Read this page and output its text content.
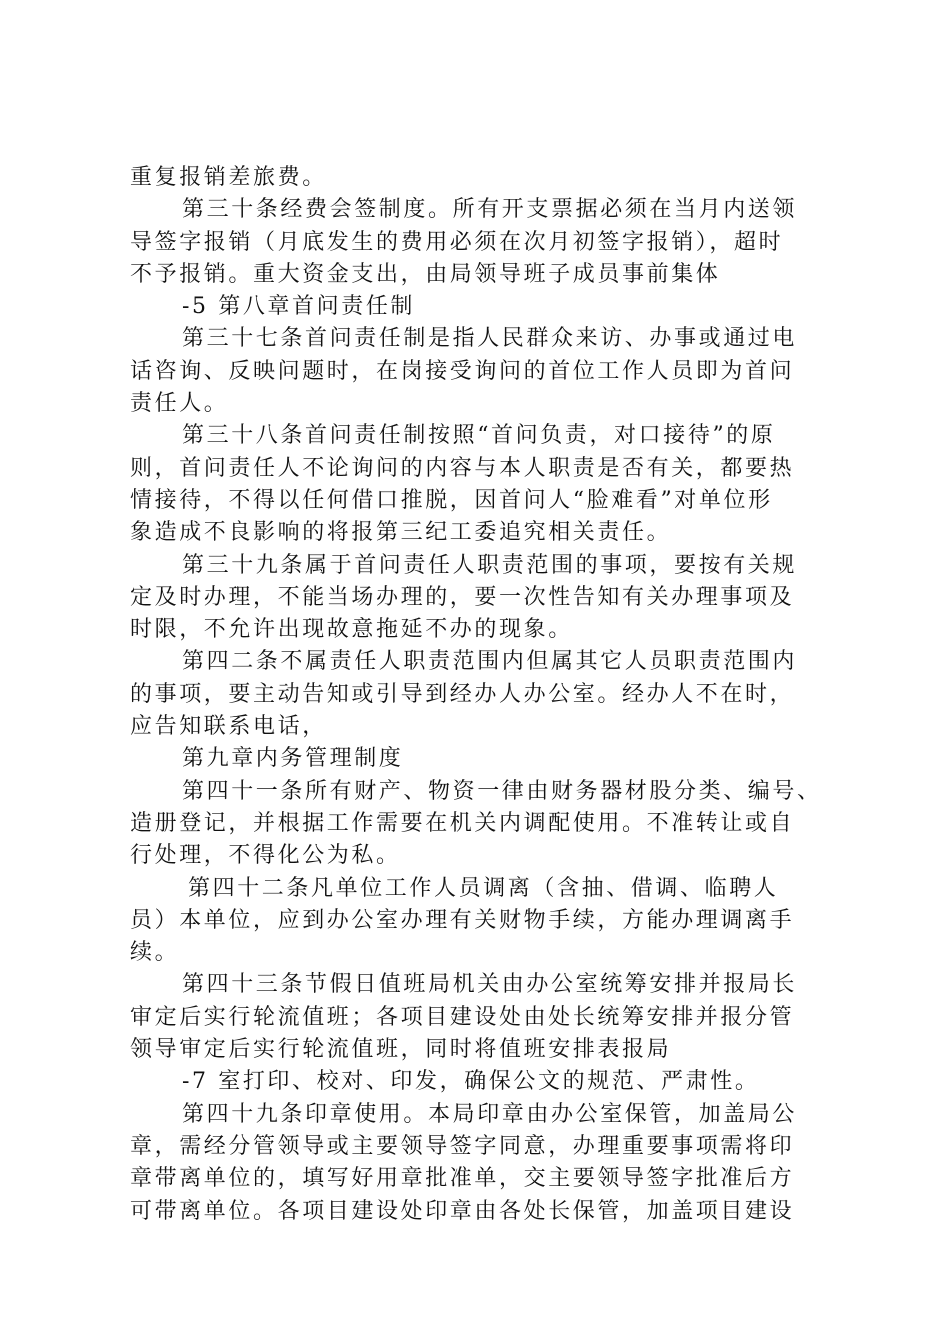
重复报销差旅费。
第三十条经费会签制度。所有开支票据必须在当月内送领
导签字报销（月底发生的费用必须在次月初签字报销），超时
不予报销。重大资金支出，由局领导班子成员事前集体
-5 第八章首问责任制
第三十七条首问责任制是指人民群众来访、办事或通过电
话咨询、反映问题时，在岗接受询问的首位工作人员即为首问
责任人。
第三十八条首问责任制按照“首问负责，对口接待”的原
则，首问责任人不论询问的内容与本人职责是否有关，都要热
情接待，不得以任何借口推脱，因首问人“脸难看”对单位形
象造成不良影响的将报第三纪工委追究相关责任。
第三十九条属于首问责任人职责范围的事项，要按有关规
定及时办理，不能当场办理的，要一次性告知有关办理事项及
时限，不允许出现故意拖延不办的现象。
第四二条不属责任人职责范围内但属其它人员职责范围内
的事项，要主动告知或引导到经办人办公室。经办人不在时，
应告知联系电话，
第九章内务管理制度
第四十一条所有财产、物资一律由财务器材股分类、编号、
造册登记，并根据工作需要在机关内调配使用。不准转让或自
行处理，不得化公为私。
第四十二条凡单位工作人员调离（含抽、借调、临聘人
员）本单位，应到办公室办理有关财物手续，方能办理调离手
续。
第四十三条节假日值班局机关由办公室统筹安排并报局长
审定后实行轮流值班；各项目建设处由处长统筹安排并报分管
领导审定后实行轮流值班，同时将值班安排表报局
-7 室打印、校对、印发，确保公文的规范、严肃性。
第四十九条印章使用。本局印章由办公室保管，加盖局公
章，需经分管领导或主要领导签字同意，办理重要事项需将印
章带离单位的，填写好用章批准单，交主要领导签字批准后方
可带离单位。各项目建设处印章由各处长保管，加盖项目建设
